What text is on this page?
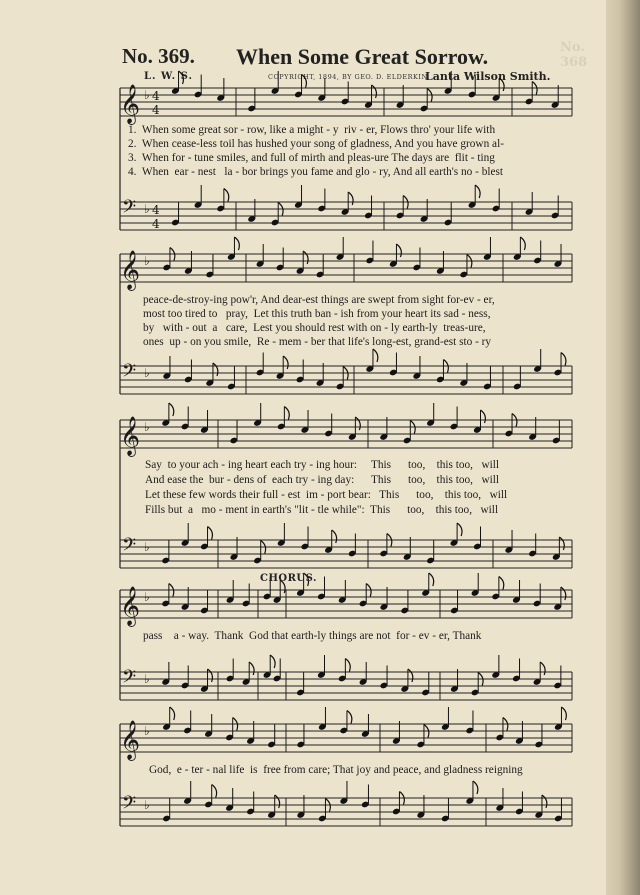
No. 368
No. 369. When Some Great Sorrow.
L. W. S.	COPYRIGHT, 1894, BY GEO. D. ELDERKIN.
Lanta Wilson Smith.
𝄞 ♭ 4
4
𝄢 ♭ 4
4
𝄞 ♭
𝄢 ♭
𝄞 ♭
𝄢 ♭
𝄞 ♭
𝄢 ♭
𝄞 ♭
𝄢 ♭
1.  When some great sor - row, like a might - y  riv - er, Flows thro' your life with
2.  When cease-less toil has hushed your song of gladness, And you have grown al-
3.  When for - tune smiles, and full of mirth and pleas-ure The days are  flit - ting
4.  When  ear - nest   la - bor brings you fame and glo - ry, And all earth's no - blest
peace-de-stroy-ing pow'r, And dear-est things are swept from sight for-ev - er,
most too tired to   pray,  Let this truth ban - ish from your heart its sad - ness,
by   with - out  a   care,  Lest you should rest with on - ly earth-ly  treas-ure,
ones  up - on you smile,  Re - mem - ber that life's long-est, grand-est sto - ry
Say  to your ach - ing heart each try - ing hour:     This      too,    this too,   will
And ease the  bur - dens of  each try - ing day:      This      too,    this too,   will
Let these few words their full - est  im - port bear:   This      too,    this too,   will
Fills but  a   mo - ment in earth's "lit - tle while":  This      too,    this too,   will
CHORUS.
pass    a - way.  Thank  God that earth-ly things are not  for - ev - er, Thank
God,  e - ter - nal life  is  free from care; That joy and peace, and gladness reigning
